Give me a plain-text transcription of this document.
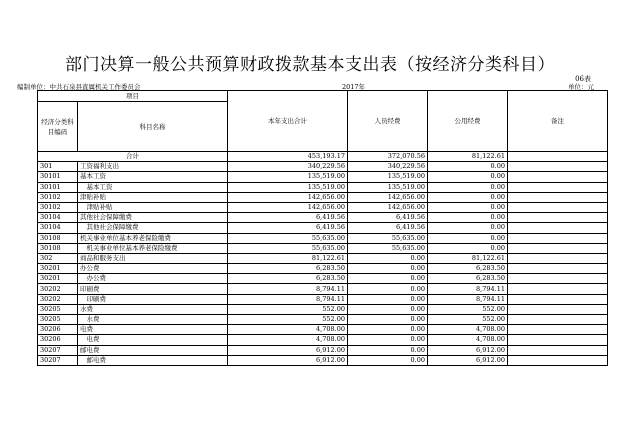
部门决算一般公共预算财政拨款基本支出表（按经济分类科目）
06表
编制单位：中共石泉县直属机关工作委员会	2017年	单位：元
项目		本年支出合计	人员经费	公用经费	备注
经济分类科目编码	科目名称				
合计		453,193.17	372,070.56	81,122.61	
301	工资福利支出	340,229.56	340,229.56	0.00	
30101	基本工资	135,519.00	135,519.00	0.00	
30101	　基本工资	135,519.00	135,519.00	0.00	
30102	津贴补贴	142,656.00	142,656.00	0.00	
30102	　津贴补贴	142,656.00	142,656.00	0.00	
30104	其他社会保障缴费	6,419.56	6,419.56	0.00	
30104	　其他社会保障缴费	6,419.56	6,419.56	0.00	
30108	机关事业单位基本养老保险缴费	55,635.00	55,635.00	0.00	
30108	　机关事业单位基本养老保险缴费	55,635.00	55,635.00	0.00	
302	商品和服务支出	81,122.61	0.00	81,122.61	
30201	办公费	6,283.50	0.00	6,283.50	
30201	　办公费	6,283.50	0.00	6,283.50	
30202	印刷费	8,794.11	0.00	8,794.11	
30202	　印刷费	8,794.11	0.00	8,794.11	
30205	水费	552.00	0.00	552.00	
30205	　水费	552.00	0.00	552.00	
30206	电费	4,708.00	0.00	4,708.00	
30206	　电费	4,708.00	0.00	4,708.00	
30207	邮电费	6,912.00	0.00	6,912.00	
30207	　邮电费	6,912.00	0.00	6,912.00	
